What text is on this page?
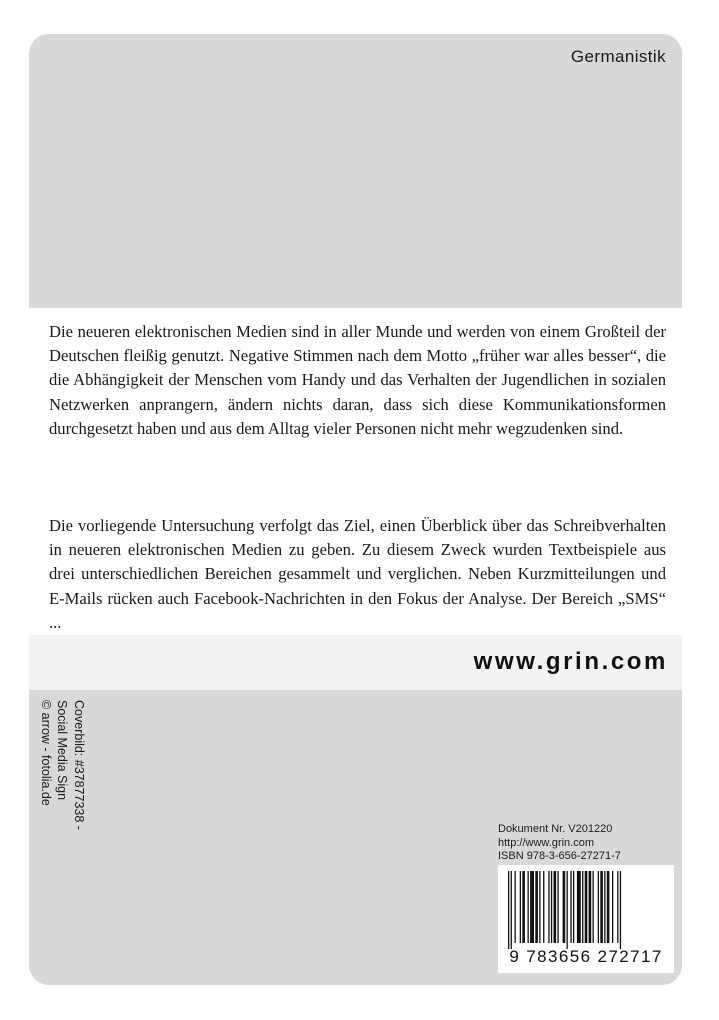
Germanistik

Die neueren elektronischen Medien sind in aller Munde und werden von einem Großteil der Deutschen fleißig genutzt. Negative Stimmen nach dem Motto „früher war alles besser“, die die Abhängigkeit der Menschen vom Handy und das Verhalten der Jugendlichen in sozialen Netzwerken anprangern, ändern nichts daran, dass sich diese Kommunikationsformen durchgesetzt haben und aus dem Alltag vieler Personen nicht mehr wegzudenken sind.

Die vorliegende Untersuchung verfolgt das Ziel, einen Überblick über das Schreibverhalten in neueren elektronischen Medien zu geben. Zu diesem Zweck wurden Textbeispiele aus drei unterschiedlichen Bereichen gesammelt und verglichen. Neben Kurzmitteilungen und E-Mails rücken auch Facebook-Nachrichten in den Fokus der Analyse. Der Bereich „SMS“ ...

www.grin.com
Coverbild: #37877338 -
Social Media Sign
© arrow - fotolia.de
Dokument Nr. V201220
http://www.grin.com
ISBN 978-3-656-27271-7
9 783656 272717
